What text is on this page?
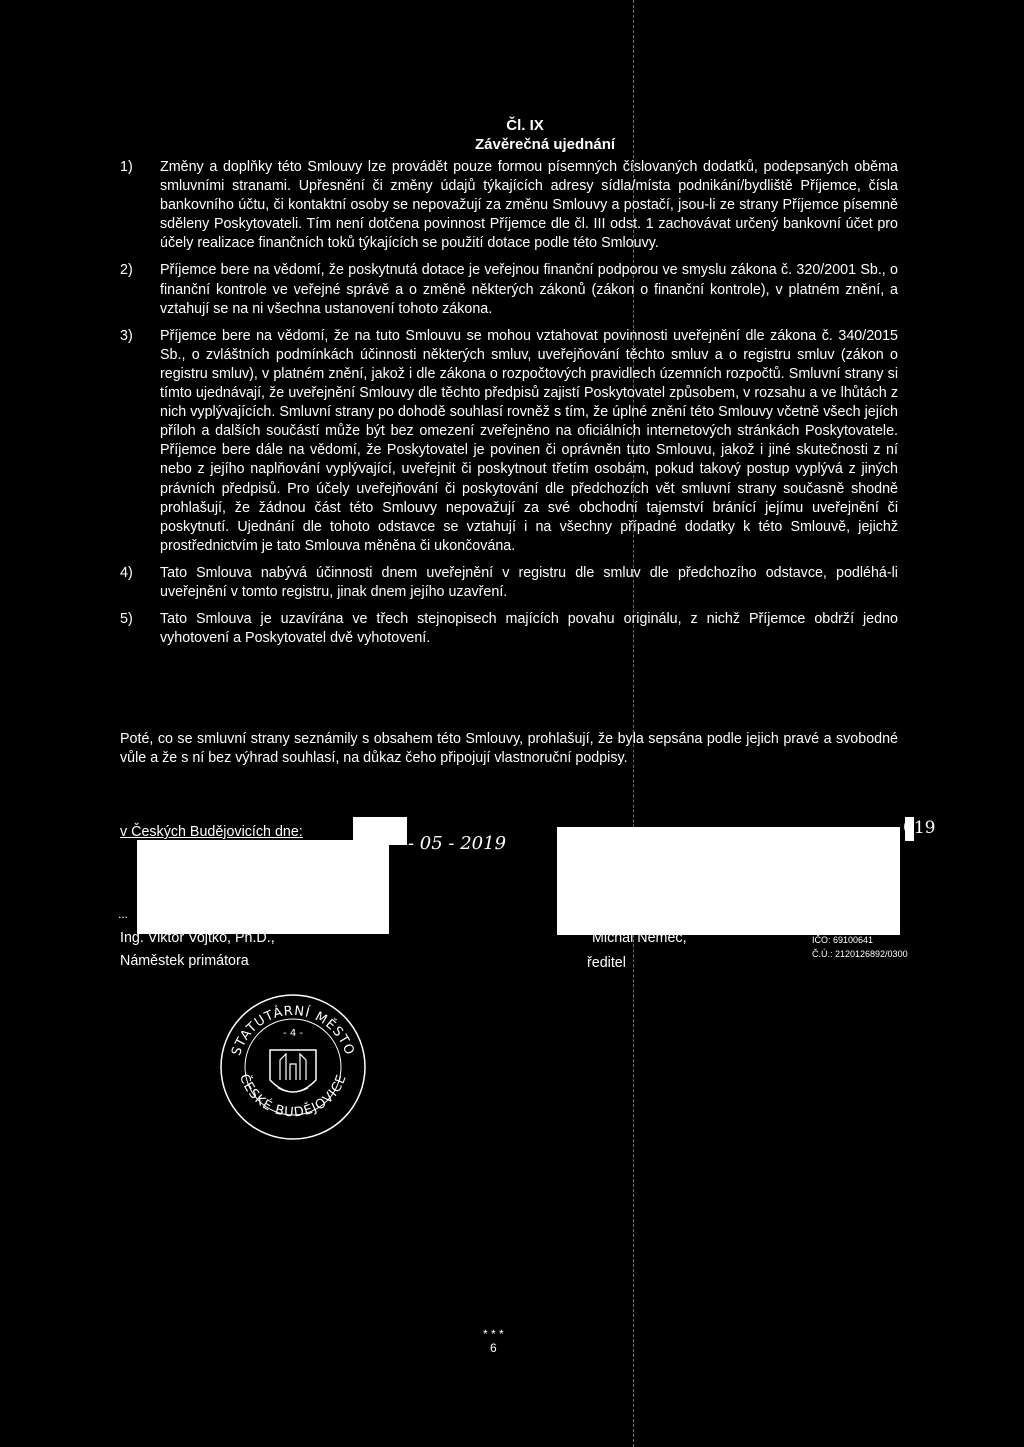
Čl. IX
Závěrečná ujednání
1)	Změny a doplňky této Smlouvy lze provádět pouze formou písemných číslovaných dodatků, podepsaných oběma smluvními stranami. Upřesnění či změny údajů týkajících adresy sídla/místa podnikání/bydliště Příjemce, čísla bankovního účtu, či kontaktní osoby se nepovažují za změnu Smlouvy a postačí, jsou-li ze strany Příjemce písemně sděleny Poskytovateli. Tím není dotčena povinnost Příjemce dle čl. III odst. 1 zachovávat určený bankovní účet pro účely realizace finančních toků týkajících se použití dotace podle této Smlouvy.
2)	Příjemce bere na vědomí, že poskytnutá dotace je veřejnou finanční podporou ve smyslu zákona č. 320/2001 Sb., o finanční kontrole ve veřejné správě a o změně některých zákonů (zákon o finanční kontrole), v platném znění, a vztahují se na ni všechna ustanovení tohoto zákona.
3)	Příjemce bere na vědomí, že na tuto Smlouvu se mohou vztahovat povinnosti uveřejnění dle zákona č. 340/2015 Sb., o zvláštních podmínkách účinnosti některých smluv, uveřejňování těchto smluv a o registru smluv (zákon o registru smluv), v platném znění, jakož i dle zákona o rozpočtových pravidlech územních rozpočtů. Smluvní strany si tímto ujednávají, že uveřejnění Smlouvy dle těchto předpisů zajistí Poskytovatel způsobem, v rozsahu a ve lhůtách z nich vyplývajících. Smluvní strany po dohodě souhlasí rovněž s tím, že úplné znění této Smlouvy včetně všech jejích příloh a dalších součástí může být bez omezení zveřejněno na oficiálních internetových stránkách Poskytovatele. Příjemce bere dále na vědomí, že Poskytovatel je povinen či oprávněn tuto Smlouvu, jakož i jiné skutečnosti z ní nebo z jejího naplňování vyplývající, uveřejnit či poskytnout třetím osobám, pokud takový postup vyplývá z jiných právních předpisů. Pro účely uveřejňování či poskytování dle předchozích vět smluvní strany současně shodně prohlašují, že žádnou část této Smlouvy nepovažují za své obchodní tajemství bránící jejímu uveřejnění či poskytnutí. Ujednání dle tohoto odstavce se vztahují i na všechny případné dodatky k této Smlouvě, jejichž prostřednictvím je tato Smlouva měněna či ukončována.
4)	Tato Smlouva nabývá účinnosti dnem uveřejnění v registru dle smluv dle předchozího odstavce, podléhá-li uveřejnění v tomto registru, jinak dnem jejího uzavření.
5)	Tato Smlouva je uzavírána ve třech stejnopisech majících povahu originálu, z nichž Příjemce obdrží jedno vyhotovení a Poskytovatel dvě vyhotovení.
Poté, co se smluvní strany seznámily s obsahem této Smlouvy, prohlašují, že byla sepsána podle jejich pravé a svobodné vůle a že s ní bez výhrad souhlasí, na důkaz čeho připojují vlastnoruční podpisy.
v Českých Budějovicích dne:
- 05 - 2019
...
Ing. Viktor Vojtko, Ph.D.,
Náměstek primátora
019
Michal Němec,
ředitel
356 01 Strakonice
IČO: 69100641
Č.Ú.: 2120126892/0300
STATUTÁRNÍ MĚSTO
ČESKÉ BUDĚJOVICE
- 4 -
* * *
6
